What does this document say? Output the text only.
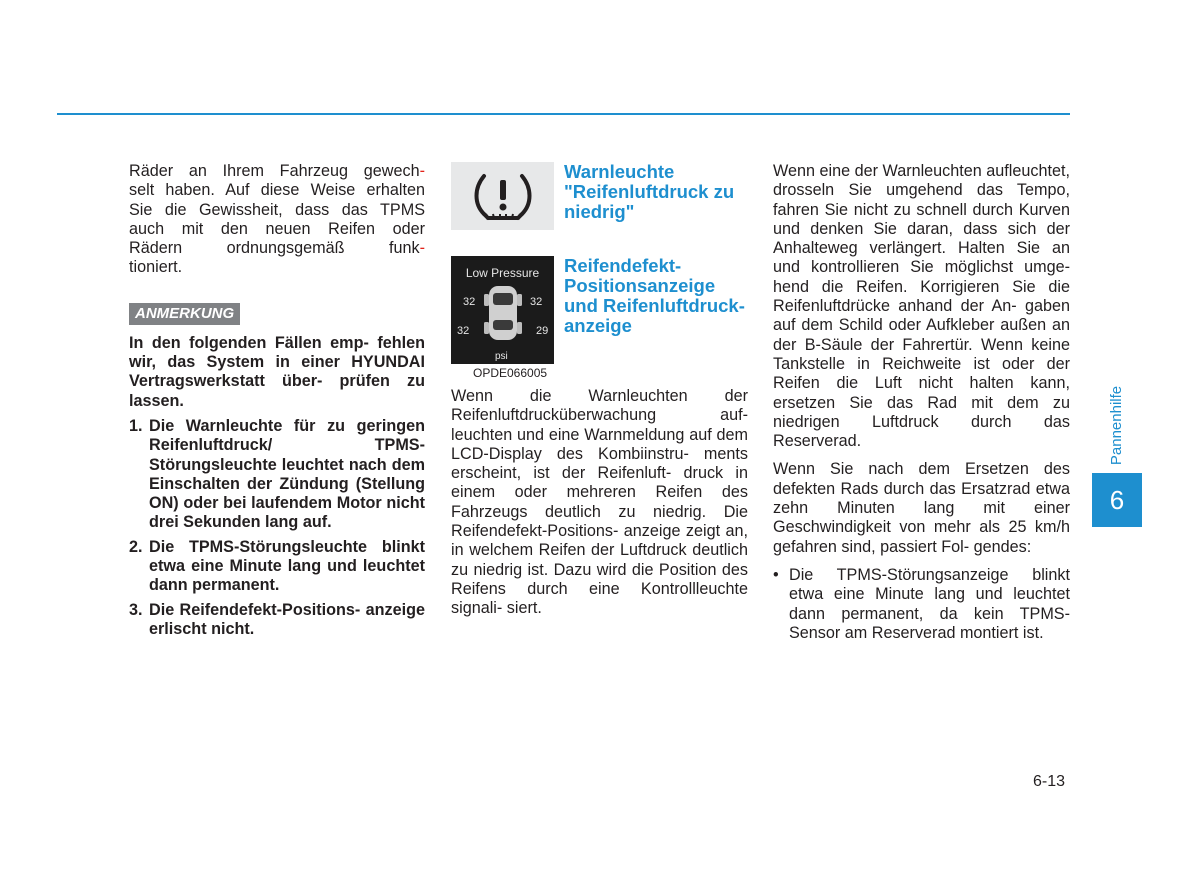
Räder an Ihrem Fahrzeug gewech-
selt haben. Auf diese Weise erhalten
Sie die Gewissheit, dass das TPMS
auch mit den neuen Reifen oder
Rädern ordnungsgemäß funk-
tioniert.
ANMERKUNG
In den folgenden Fällen emp- fehlen wir, das System in einer HYUNDAI Vertragswerkstatt über- prüfen zu lassen.
1. Die Warnleuchte für zu geringen Reifenluftdruck/ TPMS-Störungsleuchte leuchtet nach dem Einschalten der Zündung (Stellung ON) oder bei laufendem Motor nicht drei Sekunden lang auf.
2. Die TPMS-Störungsleuchte blinkt etwa eine Minute lang und leuchtet dann permanent.
3. Die Reifendefekt-Positions- anzeige erlischt nicht.
Warnleuchte "Reifenluftdruck zu niedrig"
Low Pressure
32	32
32	29
psi
Reifendefekt- Positionsanzeige und Reifenluftdruck- anzeige
OPDE066005

Wenn die Warnleuchten der Reifenluftdrucküberwachung auf- leuchten und eine Warnmeldung auf dem LCD-Display des Kombiinstru- ments erscheint, ist der Reifenluft- druck in einem oder mehreren Reifen des Fahrzeugs deutlich zu niedrig. Die Reifendefekt-Positions- anzeige zeigt an, in welchem Reifen der Luftdruck deutlich zu niedrig ist. Dazu wird die Position des Reifens durch eine Kontrollleuchte signali- siert.

Wenn eine der Warnleuchten aufleuchtet, drosseln Sie umgehend das Tempo, fahren Sie nicht zu schnell durch Kurven und denken Sie daran, dass sich der Anhalteweg verlängert. Halten Sie an und kontrollieren Sie möglichst umge- hend die Reifen. Korrigieren Sie die Reifenluftdrücke anhand der An- gaben auf dem Schild oder Aufkleber außen an der B-Säule der Fahrertür. Wenn keine Tankstelle in Reichweite ist oder der Reifen die Luft nicht halten kann, ersetzen Sie das Rad mit dem zu niedrigen Luftdruck durch das Reserverad.

Wenn Sie nach dem Ersetzen des defekten Rads durch das Ersatzrad etwa zehn Minuten lang mit einer Geschwindigkeit von mehr als 25 km/h gefahren sind, passiert Fol- gendes:

• Die TPMS-Störungsanzeige blinkt etwa eine Minute lang und leuchtet dann permanent, da kein TPMS- Sensor am Reserverad montiert ist.
Pannenhilfe
6
6-13
